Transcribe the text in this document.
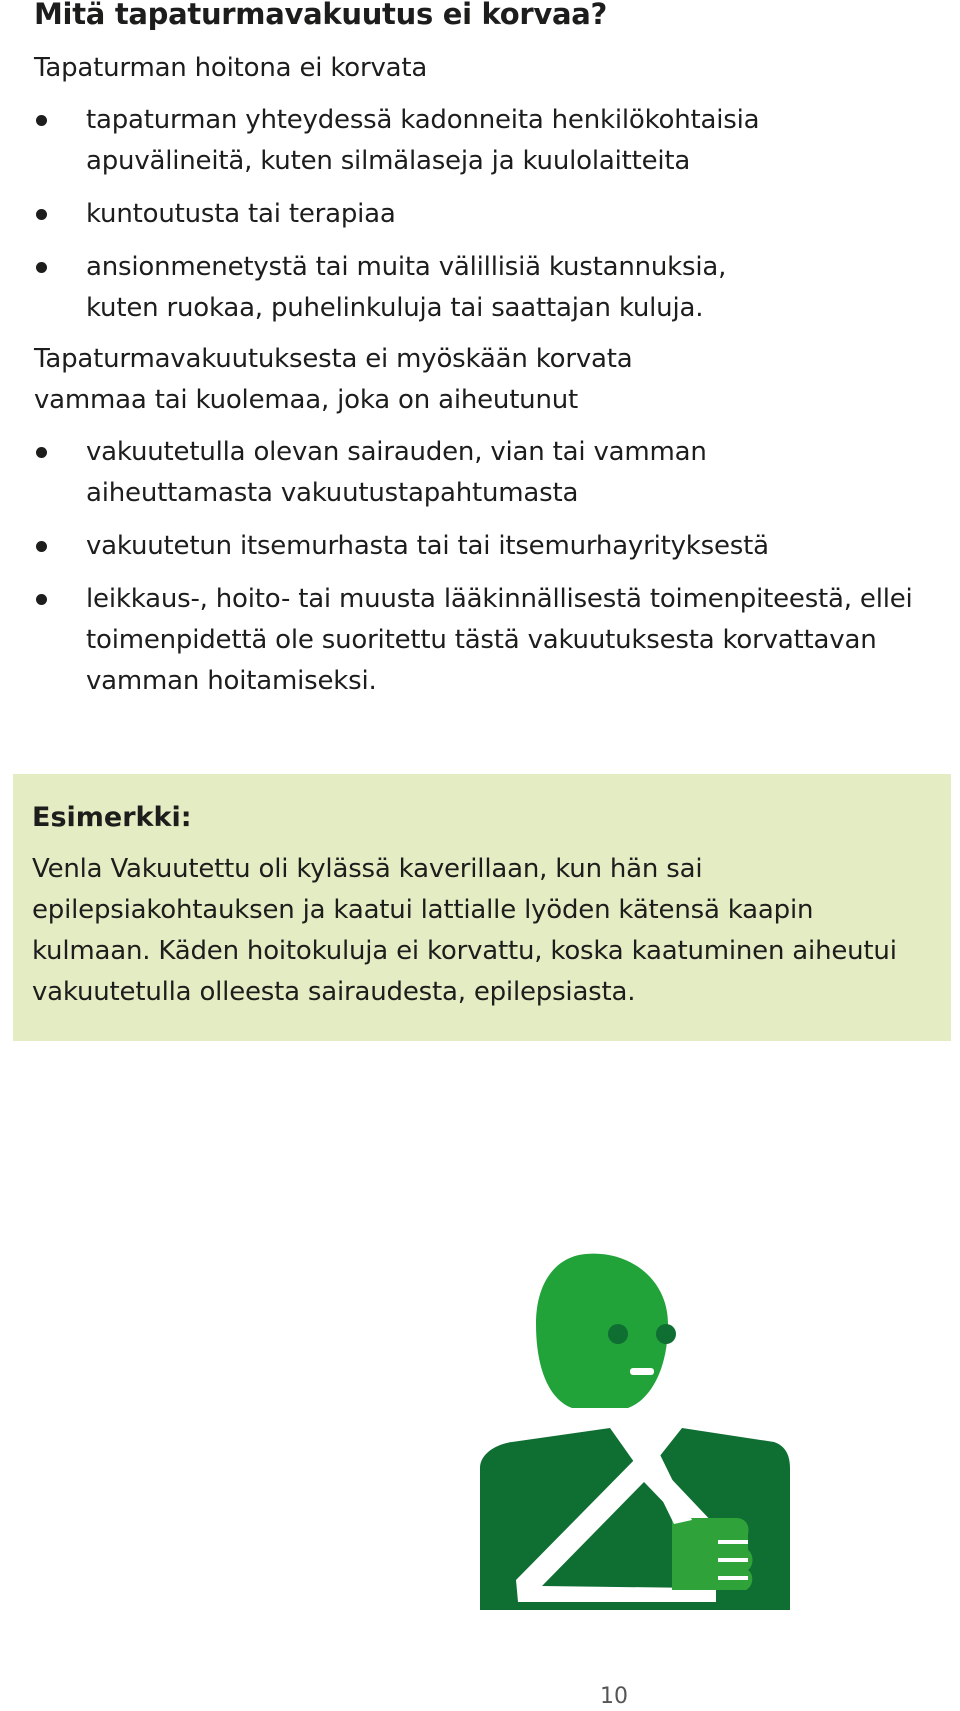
Mitä tapaturmavakuutus ei korvaa?

Tapaturman hoitona ei korvata

tapaturman yhteydessä kadonneita henkilökohtaisia apuvälineitä, kuten silmälaseja ja kuulolaitteita
kuntoutusta tai terapiaa
ansionmenetystä tai muita välillisiä kustannuksia, kuten ruokaa, puhelinkuluja tai saattajan kuluja.

Tapaturmavakuutuksesta ei myöskään korvata vammaa tai kuolemaa, joka on aiheutunut

vakuutetulla olevan sairauden, vian tai vamman aiheuttamasta vakuutustapahtumasta
vakuutetun itsemurhasta tai tai itsemurhayrityksestä
leikkaus-, hoito- tai muusta lääkinnällisestä toimenpiteestä, ellei toimenpidettä ole suoritettu tästä vakuutuksesta korvattavan vamman hoitamiseksi.
Esimerkki:

Venla Vakuutettu oli kylässä kaverillaan, kun hän sai epilepsiakohtauksen ja kaatui lattialle lyöden kätensä kaapin kulmaan. Käden hoitokuluja ei korvattu, koska kaatuminen aiheutui vakuutetulla olleesta sairaudesta, epilepsiasta.

10
